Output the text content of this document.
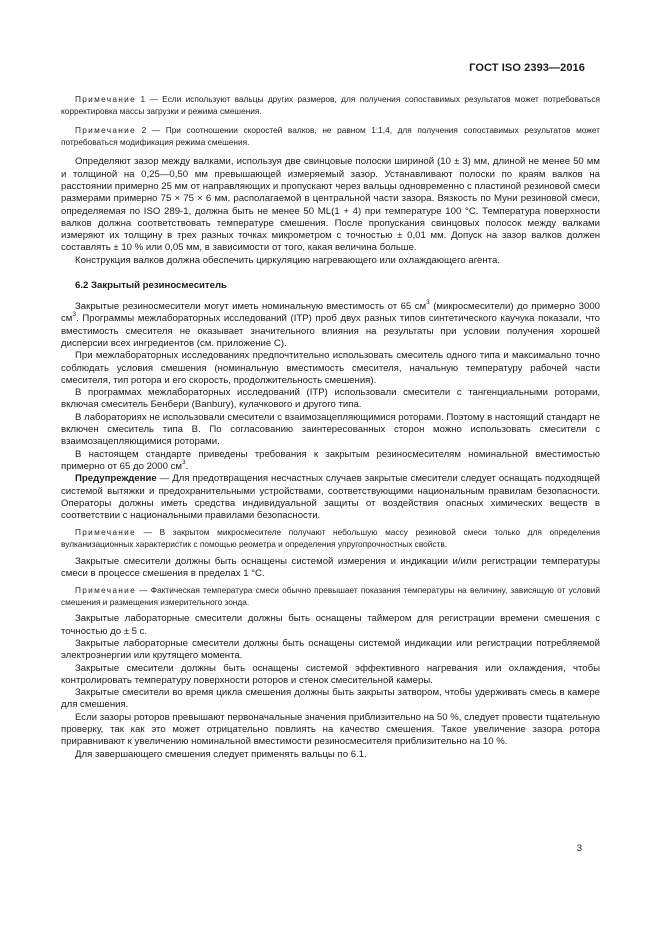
ГОСТ ISO 2393—2016

Примечание 1 — Если используют вальцы других размеров, для получения сопоставимых результатов может потребоваться корректировка массы загрузки и режима смешения.

Примечание 2 — При соотношении скоростей валков, не равном 1:1,4, для получения сопоставимых результатов может потребоваться модификация режима смешения.

Определяют зазор между валками, используя две свинцовые полоски шириной (10 ± 3) мм, длиной не менее 50 мм и толщиной на 0,25—0,50 мм превышающей измеряемый зазор. Устанавливают полоски по краям валков на расстоянии примерно 25 мм от направляющих и пропускают через вальцы одновременно с пластиной резиновой смеси размерами примерно 75 × 75 × 6 мм, располагаемой в центральной части зазора. Вязкость по Муни резиновой смеси, определяемая по ISO 289-1, должна быть не менее 50 ML(1 + 4) при температуре 100 °С. Температура поверхности валков должна соответствовать температуре смешения. После пропускания свинцовых полосок между валками измеряют их толщину в трех разных точках микрометром с точностью ± 0,01 мм. Допуск на зазор валков должен составлять ± 10 % или 0,05 мм, в зависимости от того, какая величина больше.

Конструкция валков должна обеспечить циркуляцию нагревающего или охлаждающего агента.

6.2 Закрытый резиносмеситель

Закрытые резиносмесители могут иметь номинальную вместимость от 65 $см^3$ (микросмесители) до примерно 3000 $см^3$. Программы межлабораторных исследований (ITP) проб двух разных типов синтетического каучука показали, что вместимость смесителя не оказывает значительного влияния на результаты при условии получения хорошей дисперсии всех ингредиентов (см. приложение С).

При межлабораторных исследованиях предпочтительно использовать смеситель одного типа и максимально точно соблюдать условия смешения (номинальную вместимость смесителя, начальную температуру рабочей части смесителя, тип ротора и его скорость, продолжительность смешения).

В программах межлабораторных исследований (ITP) использовали смесители с тангенциальными роторами, включая смеситель Бенбери (Banbury), кулачкового и другого типа.

В лабораториях не использовали смесители с взаимозацепляющимися роторами. Поэтому в настоящий стандарт не включен смеситель типа В. По согласованию заинтересованных сторон можно использовать смесители с взаимозацепляющимися роторами.

В настоящем стандарте приведены требования к закрытым резиносмесителям номинальной вместимостью примерно от 65 до 2000 $см^3$.

Предупреждение — Для предотвращения несчастных случаев закрытые смесители следует оснащать подходящей системой вытяжки и предохранительными устройствами, соответствующими национальным правилам безопасности. Операторы должны иметь средства индивидуальной защиты от воздействия опасных химических веществ в соответствии с национальными правилами безопасности.

Примечание — В закрытом микросмесителе получают небольшую массу резиновой смеси только для определения вулканизационных характеристик с помощью реометра и определения упругопрочностных свойств.

Закрытые смесители должны быть оснащены системой измерения и индикации и/или регистрации температуры смеси в процессе смешения в пределах 1 °С.

Примечание — Фактическая температура смеси обычно превышает показания температуры на величину, зависящую от условий смешения и размещения измерительного зонда.

Закрытые лабораторные смесители должны быть оснащены таймером для регистрации времени смешения с точностью до ± 5 с.

Закрытые лабораторные смесители должны быть оснащены системой индикации или регистрации потребляемой электроэнергии или крутящего момента.

Закрытые смесители должны быть оснащены системой эффективного нагревания или охлаждения, чтобы контролировать температуру поверхности роторов и стенок смесительной камеры.

Закрытые смесители во время цикла смешения должны быть закрыты затвором, чтобы удерживать смесь в камере для смешения.

Если зазоры роторов превышают первоначальные значения приблизительно на 50 %, следует провести тщательную проверку, так как это может отрицательно повлиять на качество смешения. Такое увеличение зазора ротора приравнивают к увеличению номинальной вместимости резиносмесителя приблизительно на 10 %.

Для завершающего смешения следует применять вальцы по 6.1.

3
